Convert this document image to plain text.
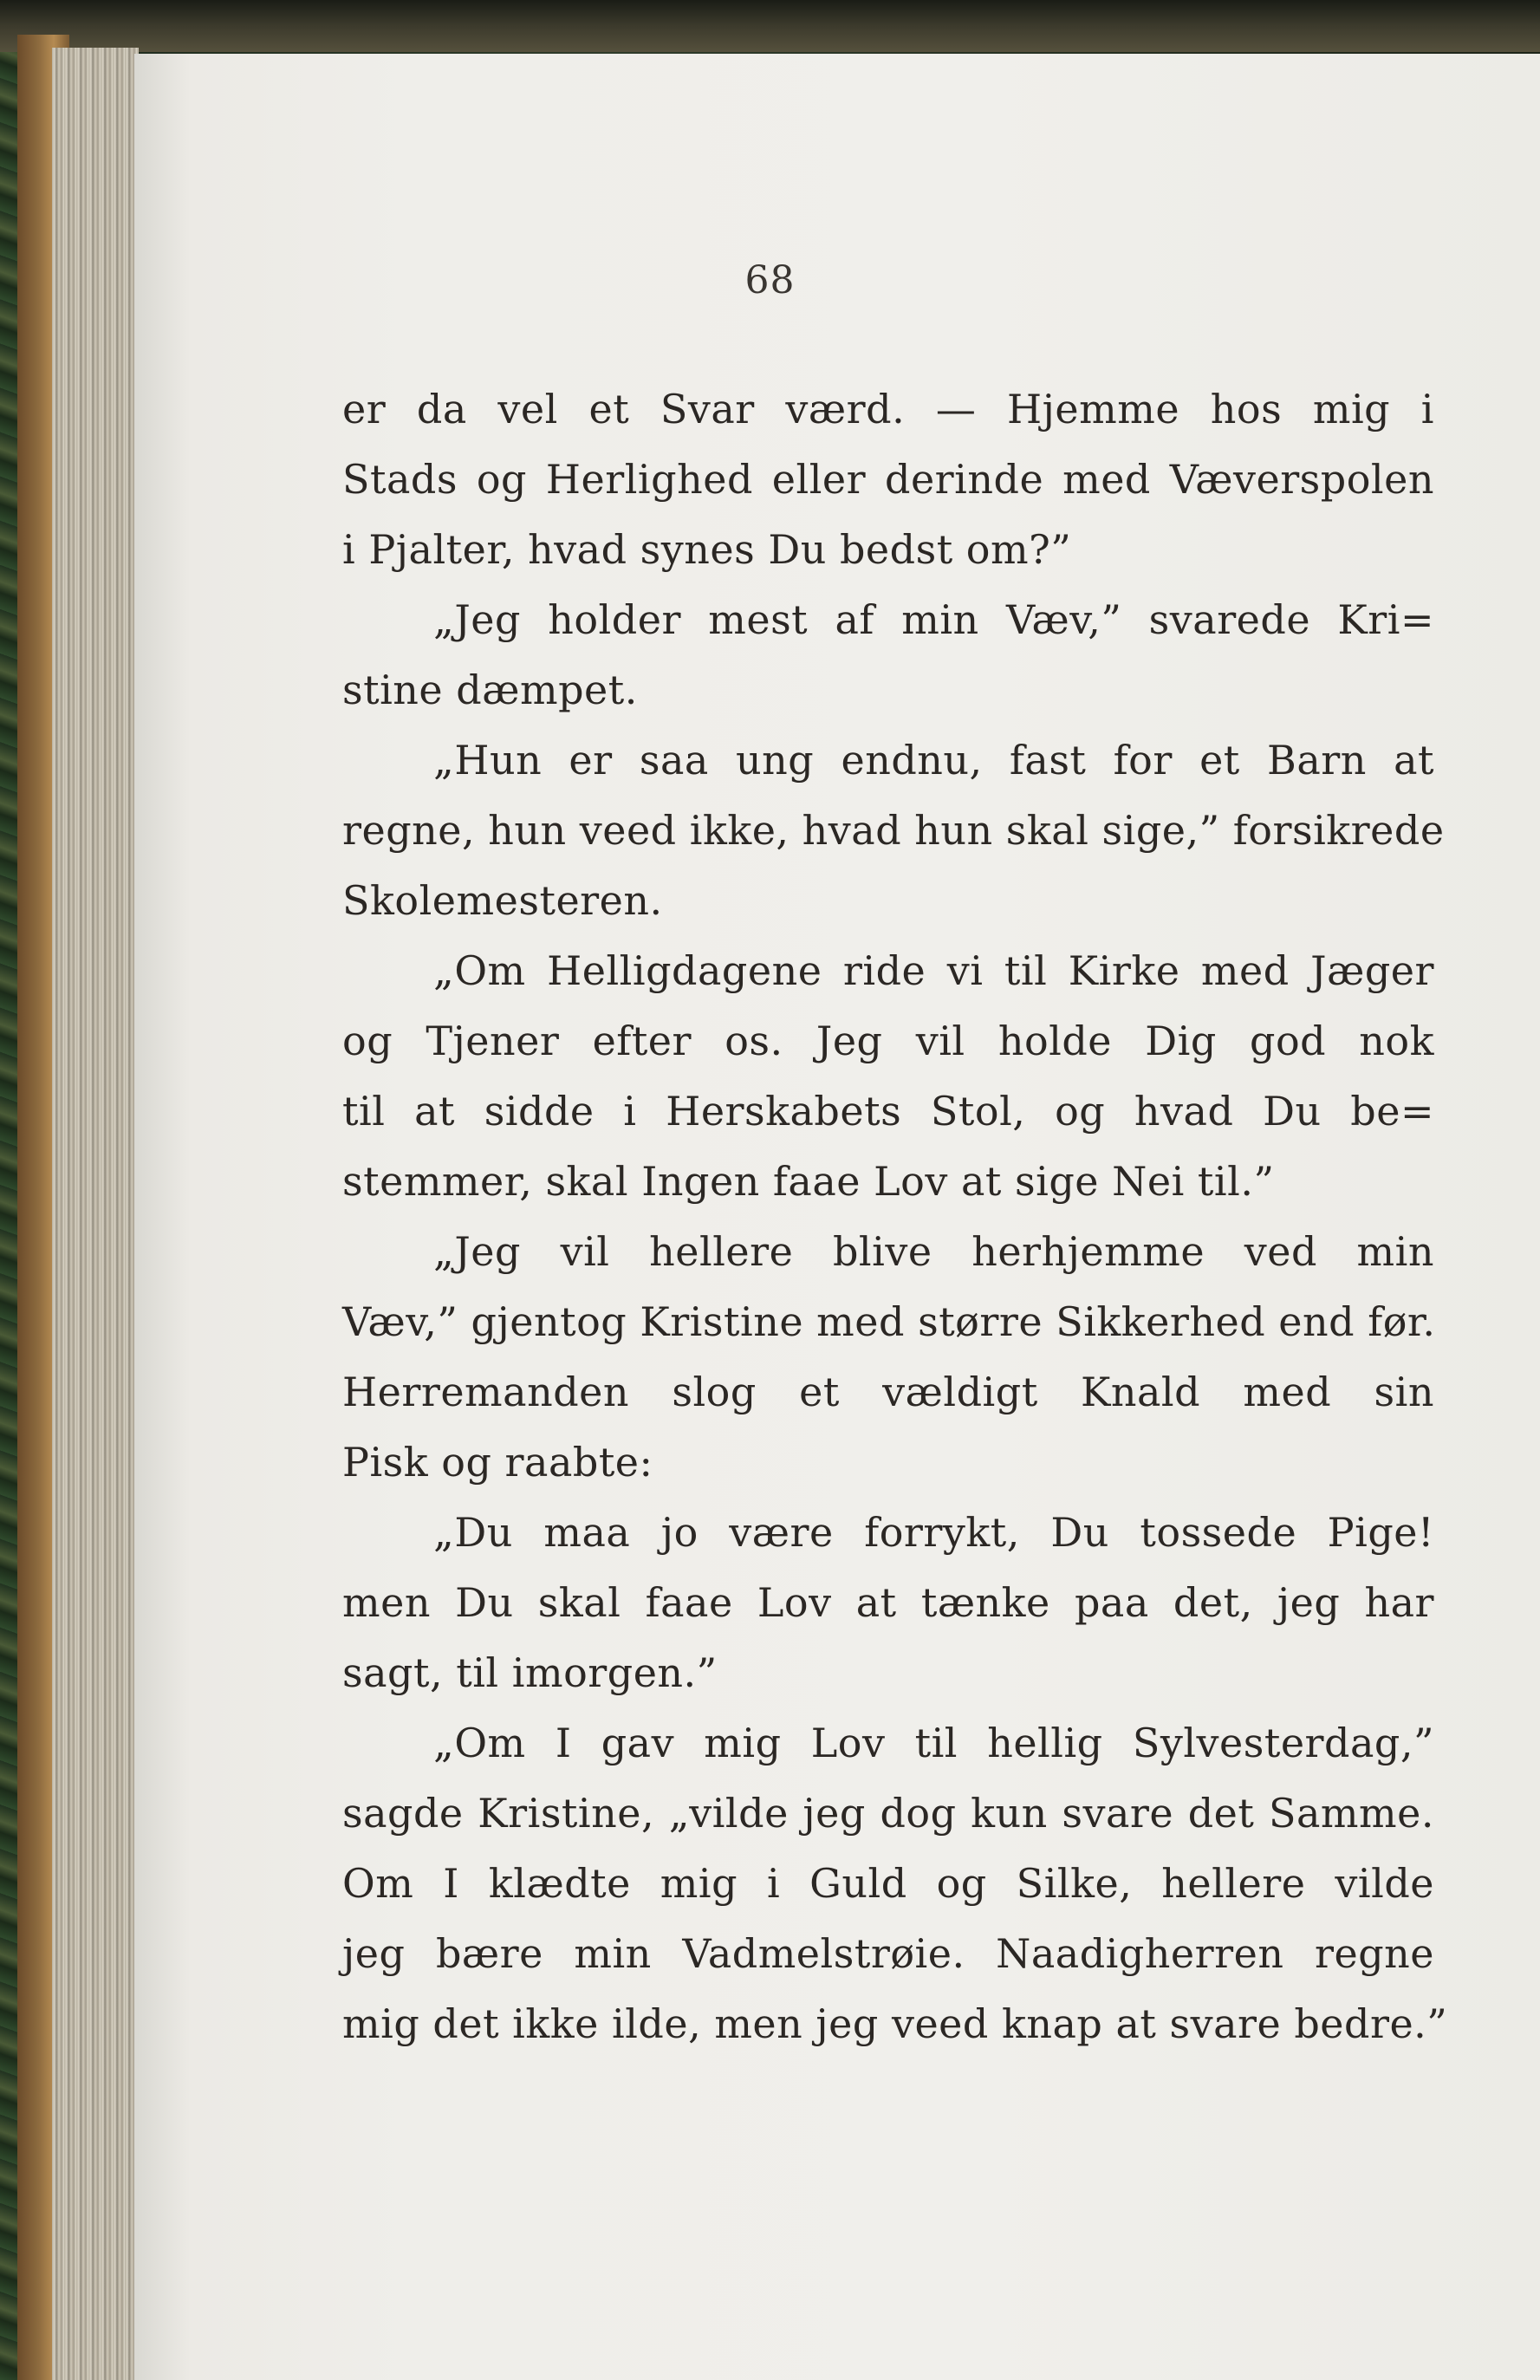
68
er da vel et Svar værd. — Hjemme hos mig i
Stads og Herlighed eller derinde med Væverspolen
i Pjalter, hvad synes Du bedst om?”
„Jeg holder mest af min Væv,” svarede Kri=
stine dæmpet.
„Hun er saa ung endnu, fast for et Barn at
regne, hun veed ikke, hvad hun skal sige,” forsikrede
Skolemesteren.
„Om Helligdagene ride vi til Kirke med Jæger
og Tjener efter os. Jeg vil holde Dig god nok
til at sidde i Herskabets Stol, og hvad Du be=
stemmer, skal Ingen faae Lov at sige Nei til.”
„Jeg vil hellere blive herhjemme ved min
Væv,” gjentog Kristine med større Sikkerhed end før.
Herremanden slog et vældigt Knald med sin
Pisk og raabte:
„Du maa jo være forrykt, Du tossede Pige!
men Du skal faae Lov at tænke paa det, jeg har
sagt, til imorgen.”
„Om I gav mig Lov til hellig Sylvesterdag,”
sagde Kristine, „vilde jeg dog kun svare det Samme.
Om I klædte mig i Guld og Silke, hellere vilde
jeg bære min Vadmelstrøie. Naadigherren regne
mig det ikke ilde, men jeg veed knap at svare bedre.”
